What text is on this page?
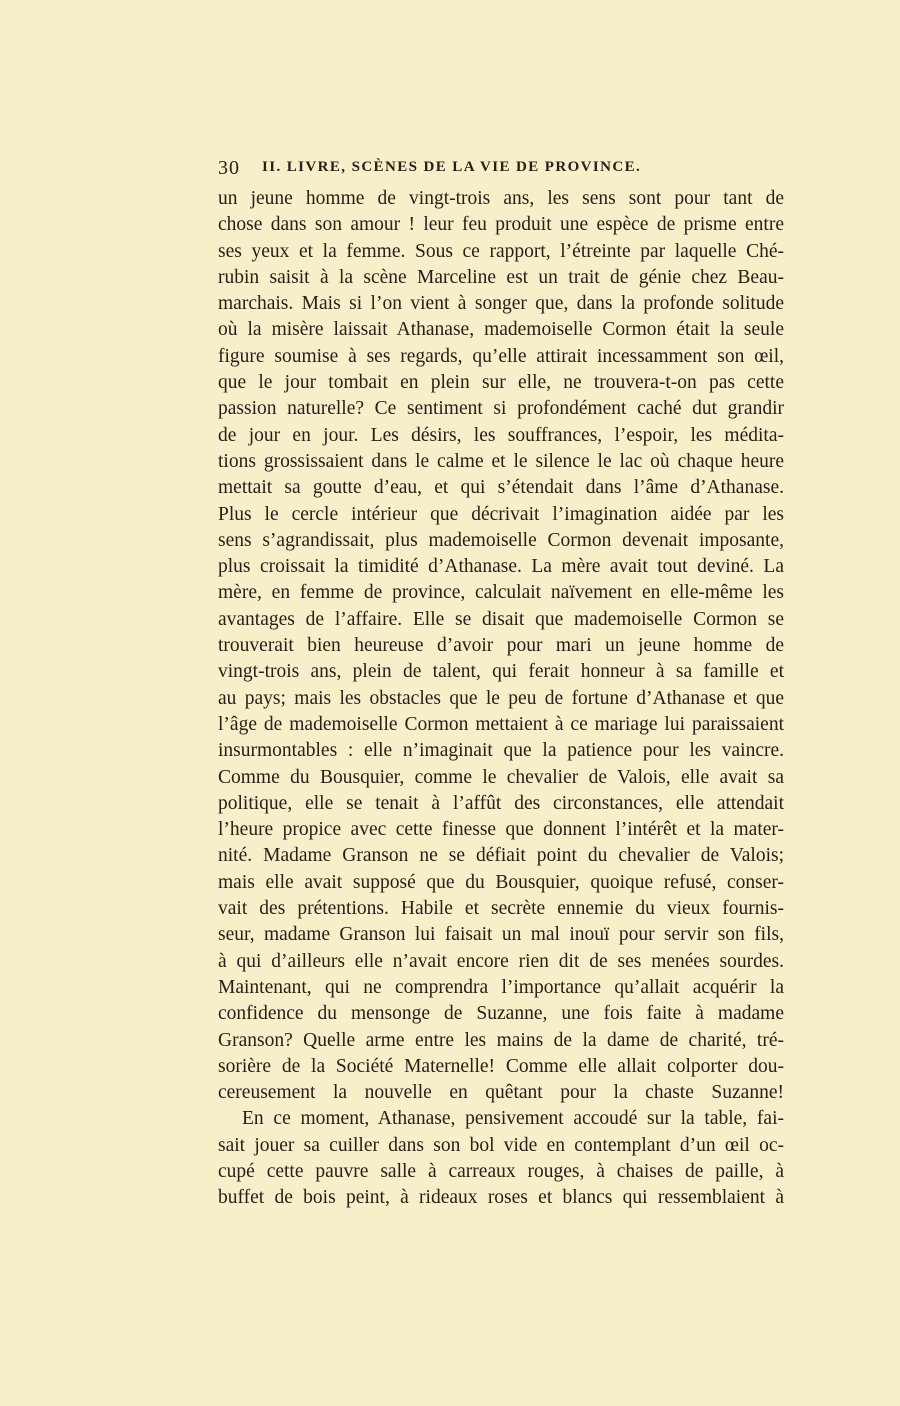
30 II. LIVRE, SCÈNES DE LA VIE DE PROVINCE.
un jeune homme de vingt-trois ans, les sens sont pour tant de
chose dans son amour ! leur feu produit une espèce de prisme entre
ses yeux et la femme. Sous ce rapport, l’étreinte par laquelle Ché-
rubin saisit à la scène Marceline est un trait de génie chez Beau-
marchais. Mais si l’on vient à songer que, dans la profonde solitude
où la misère laissait Athanase, mademoiselle Cormon était la seule
figure soumise à ses regards, qu’elle attirait incessamment son œil,
que le jour tombait en plein sur elle, ne trouvera-t-on pas cette
passion naturelle? Ce sentiment si profondément caché dut grandir
de jour en jour. Les désirs, les souffrances, l’espoir, les médita-
tions grossissaient dans le calme et le silence le lac où chaque heure
mettait sa goutte d’eau, et qui s’étendait dans l’âme d’Athanase.
Plus le cercle intérieur que décrivait l’imagination aidée par les
sens s’agrandissait, plus mademoiselle Cormon devenait imposante,
plus croissait la timidité d’Athanase. La mère avait tout deviné. La
mère, en femme de province, calculait naïvement en elle-même les
avantages de l’affaire. Elle se disait que mademoiselle Cormon se
trouverait bien heureuse d’avoir pour mari un jeune homme de
vingt-trois ans, plein de talent, qui ferait honneur à sa famille et
au pays; mais les obstacles que le peu de fortune d’Athanase et que
l’âge de mademoiselle Cormon mettaient à ce mariage lui paraissaient
insurmontables : elle n’imaginait que la patience pour les vaincre.
Comme du Bousquier, comme le chevalier de Valois, elle avait sa
politique, elle se tenait à l’affût des circonstances, elle attendait
l’heure propice avec cette finesse que donnent l’intérêt et la mater-
nité. Madame Granson ne se défiait point du chevalier de Valois;
mais elle avait supposé que du Bousquier, quoique refusé, conser-
vait des prétentions. Habile et secrète ennemie du vieux fournis-
seur, madame Granson lui faisait un mal inouï pour servir son fils,
à qui d’ailleurs elle n’avait encore rien dit de ses menées sourdes.
Maintenant, qui ne comprendra l’importance qu’allait acquérir la
confidence du mensonge de Suzanne, une fois faite à madame
Granson? Quelle arme entre les mains de la dame de charité, tré-
sorière de la Société Maternelle! Comme elle allait colporter dou-
cereusement la nouvelle en quêtant pour la chaste Suzanne!
En ce moment, Athanase, pensivement accoudé sur la table, fai-
sait jouer sa cuiller dans son bol vide en contemplant d’un œil oc-
cupé cette pauvre salle à carreaux rouges, à chaises de paille, à
buffet de bois peint, à rideaux roses et blancs qui ressemblaient à
